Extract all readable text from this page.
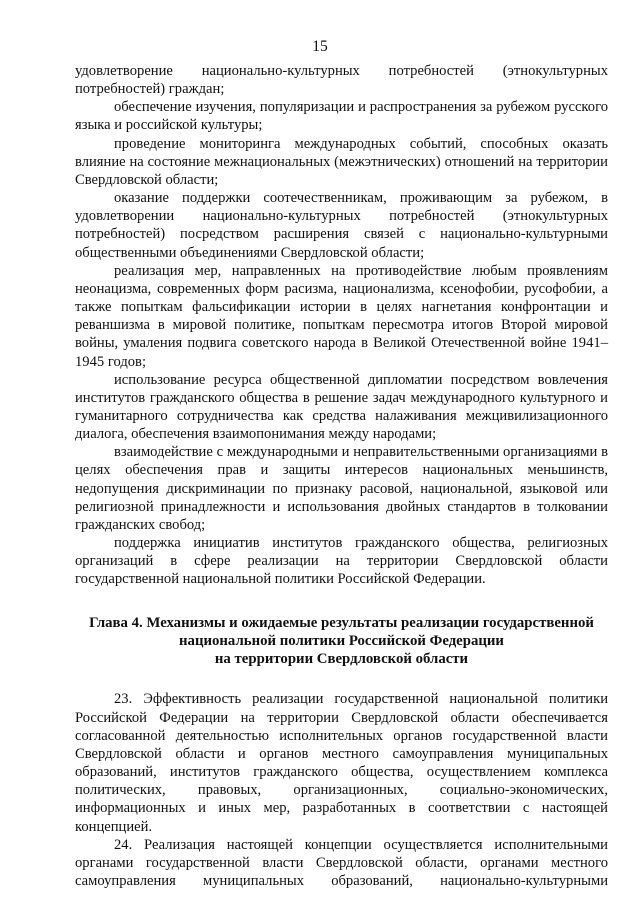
15

удовлетворение национально-культурных потребностей (этнокультурных потребностей) граждан;

обеспечение изучения, популяризации и распространения за рубежом русского языка и российской культуры;

проведение мониторинга международных событий, способных оказать влияние на состояние межнациональных (межэтнических) отношений на территории Свердловской области;

оказание поддержки соотечественникам, проживающим за рубежом, в удовлетворении национально-культурных потребностей (этнокультурных потребностей) посредством расширения связей с национально-культурными общественными объединениями Свердловской области;

реализация мер, направленных на противодействие любым проявлениям неонацизма, современных форм расизма, национализма, ксенофобии, русофобии, а также попыткам фальсификации истории в целях нагнетания конфронтации и реваншизма в мировой политике, попыткам пересмотра итогов Второй мировой войны, умаления подвига советского народа в Великой Отечественной войне 1941–1945 годов;

использование ресурса общественной дипломатии посредством вовлечения институтов гражданского общества в решение задач международного культурного и гуманитарного сотрудничества как средства налаживания межцивилизационного диалога, обеспечения взаимопонимания между народами;

взаимодействие с международными и неправительственными организациями в целях обеспечения прав и защиты интересов национальных меньшинств, недопущения дискриминации по признаку расовой, национальной, языковой или религиозной принадлежности и использования двойных стандартов в толковании гражданских свобод;

поддержка инициатив институтов гражданского общества, религиозных организаций в сфере реализации на территории Свердловской области государственной национальной политики Российской Федерации.

Глава 4. Механизмы и ожидаемые результаты реализации государственной
национальной политики Российской Федерации
на территории Свердловской области

23. Эффективность реализации государственной национальной политики Российской Федерации на территории Свердловской области обеспечивается согласованной деятельностью исполнительных органов государственной власти Свердловской области и органов местного самоуправления муниципальных образований, институтов гражданского общества, осуществлением комплекса политических, правовых, организационных, социально-экономических, информационных и иных мер, разработанных в соответствии с настоящей концепцией.

24. Реализация настоящей концепции осуществляется исполнительными органами государственной власти Свердловской области, органами местного самоуправления муниципальных образований, национально-культурными
